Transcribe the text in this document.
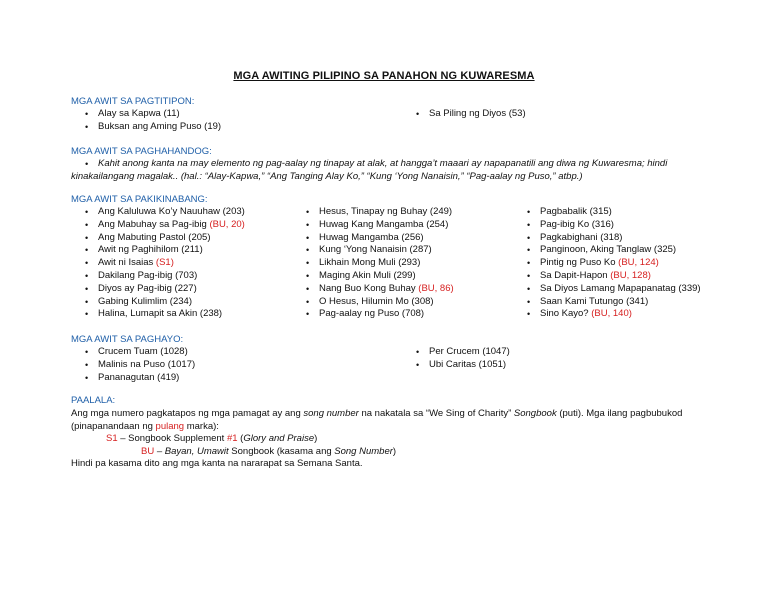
MGA AWITING PILIPINO SA PANAHON NG KUWARESMA
MGA AWIT SA PAGTITIPON:
• Alay sa Kapwa (11)
• Buksan ang Aming Puso (19)
• Sa Piling ng Diyos (53)
MGA AWIT SA PAGHAHANDOG:
• Kahit anong kanta na may elemento ng pag-aalay ng tinapay at alak, at hangga’t maaari ay napapanatili ang diwa ng Kuwaresma; hindi
kinakailangang magalak.. (hal.: “Alay-Kapwa,” “Ang Tanging Alay Ko,” “Kung ‘Yong Nanaisin,” “Pag-aalay ng Puso,” atbp.)
MGA AWIT SA PAKIKINABANG:
• Ang Kaluluwa Ko’y Nauuhaw (203)
• Ang Mabuhay sa Pag-ibig (BU, 20)
• Ang Mabuting Pastol (205)
• Awit ng Paghihilom (211)
• Awit ni Isaias (S1)
• Dakilang Pag-ibig (703)
• Diyos ay Pag-ibig (227)
• Gabing Kulimlim (234)
• Halina, Lumapit sa Akin (238)
• Hesus, Tinapay ng Buhay (249)
• Huwag Kang Mangamba (254)
• Huwag Mangamba (256)
• Kung ‘Yong Nanaisin (287)
• Likhain Mong Muli (293)
• Maging Akin Muli (299)
• Nang Buo Kong Buhay (BU, 86)
• O Hesus, Hilumin Mo (308)
• Pag-aalay ng Puso (708)
• Pagbabalik (315)
• Pag-ibig Ko (316)
• Pagkabighani (318)
• Panginoon, Aking Tanglaw (325)
• Pintig ng Puso Ko (BU, 124)
• Sa Dapit-Hapon (BU, 128)
• Sa Diyos Lamang Mapapanatag (339)
• Saan Kami Tutungo (341)
• Sino Kayo? (BU, 140)
MGA AWIT SA PAGHAYO:
• Crucem Tuam (1028)
• Malinis na Puso (1017)
• Pananagutan (419)
• Per Crucem (1047)
• Ubi Caritas (1051)
PAALALA:
Ang mga numero pagkatapos ng mga pamagat ay ang song number na nakatala sa “We Sing of Charity” Songbook (puti). Mga ilang pagbubukod
(pinapanandaan ng pulang marka):
S1 – Songbook Supplement #1 (Glory and Praise)
BU – Bayan, Umawit Songbook (kasama ang Song Number)
Hindi pa kasama dito ang mga kanta na nararapat sa Semana Santa.
